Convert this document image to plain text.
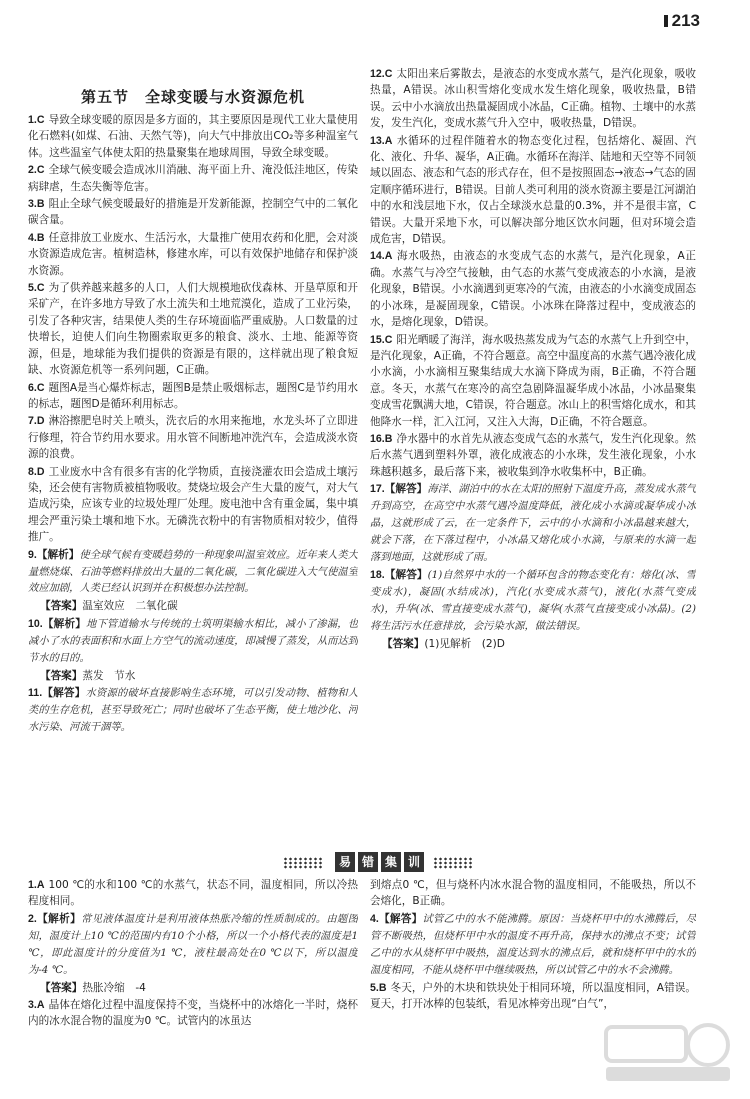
213
第五节　全球变暖与水资源危机
1.C 导致全球变暖的原因是多方面的，其主要原因是现代工业大量使用化石燃料(如煤、石油、天然气等)，向大气中排放出CO₂等多种温室气体。这些温室气体使太阳的热量聚集在地球周围，导致全球变暖。
2.C 全球气候变暖会造成冰川消融、海平面上升、淹没低洼地区，传染病肆虐，生态失衡等危害。
3.B 阻止全球气候变暖最好的措施是开发新能源，控制空气中的二氧化碳含量。
4.B 任意排放工业废水、生活污水，大量推广使用农药和化肥，会对淡水资源造成危害。植树造林，修建水库，可以有效保护地储存和保护淡水资源。
5.C 为了供养越来越多的人口，人们大规模地砍伐森林、开垦草原和开采矿产，在许多地方导致了水土流失和土地荒漠化，造成了工业污染，引发了各种灾害，结果使人类的生存环境面临严重威胁。人口数量的过快增长，迫使人们向生物圈索取更多的粮食、淡水、土地、能源等资源，但是，地球能为我们提供的资源是有限的，这样就出现了粮食短缺、水资源危机等一系列问题，C正确。
6.C 题图A是当心爆炸标志，题图B是禁止吸烟标志，题图C是节约用水的标志，题图D是循环利用标志。
7.D 淋浴擦肥皂时关上喷头，洗衣后的水用来拖地，水龙头坏了立即进行修理，符合节约用水要求。用水管不间断地冲洗汽车，会造成淡水资源的浪费。
8.D 工业废水中含有很多有害的化学物质，直接浇灌农田会造成土壤污染，还会使有害物质被植物吸收。焚烧垃圾会产生大量的废气，对大气造成污染，应该专业的垃圾处理厂处理。废电池中含有重金属，集中填埋会严重污染土壤和地下水。无磷洗衣粉中的有害物质相对较少，值得推广。
9.【解析】使全球气候有变暖趋势的一种现象叫温室效应。近年来人类大量燃烧煤、石油等燃料排放出大量的二氧化碳，二氧化碳进入大气使温室效应加剧，人类已经认识到并在积极想办法控制。
【答案】温室效应　二氧化碳
10.【解析】地下管道输水与传统的土筑明渠输水相比，减小了渗漏，也减小了水的表面积和水面上方空气的流动速度，即减慢了蒸发，从而达到节水的目的。
【答案】蒸发　节水
11.【解答】水资源的破坏直接影响生态环境，可以引发动物、植物和人类的生存危机，甚至导致死亡；同时也破坏了生态平衡，使土地沙化、河水污染、河流干涸等。
12.C 太阳出来后雾散去，是液态的水变成水蒸气，是汽化现象，吸收热量，A错误。冰山积雪熔化变成水发生熔化现象，吸收热量，B错误。云中小水滴放出热量凝固成小冰晶，C正确。植物、土壤中的水蒸发，发生汽化，变成水蒸气升入空中，吸收热量，D错误。
13.A 水循环的过程伴随着水的物态变化过程，包括熔化、凝固、汽化、液化、升华、凝华，A正确。水循环在海洋、陆地和天空等不同领域以固态、液态和气态的形式存在，但不是按照固态→液态→气态的固定顺序循环进行，B错误。目前人类可利用的淡水资源主要是江河湖泊中的水和浅层地下水，仅占全球淡水总量的0.3%，并不是很丰富，C错误。大量开采地下水，可以解决部分地区饮水问题，但对环境会造成危害，D错误。
14.A 海水吸热，由液态的水变成气态的水蒸气，是汽化现象，A正确。水蒸气与冷空气接触，由气态的水蒸气变成液态的小水滴，是液化现象，B错误。小水滴遇到更寒冷的气流，由液态的小水滴变成固态的小冰珠，是凝固现象，C错误。小冰珠在降落过程中，变成液态的水，是熔化现象，D错误。
15.C 阳光晒暖了海洋，海水吸热蒸发成为气态的水蒸气上升到空中，是汽化现象，A正确，不符合题意。高空中温度高的水蒸气遇冷液化成小水滴，小水滴相互聚集结成大水滴下降成为雨，B正确，不符合题意。冬天，水蒸气在寒冷的高空急剧降温凝华成小冰晶，小冰晶聚集变成雪花飘满大地，C错误，符合题意。冰山上的积雪熔化成水，和其他降水一样，汇入江河，又注入大海，D正确，不符合题意。
16.B 净水器中的水首先从液态变成气态的水蒸气，发生汽化现象。然后水蒸气遇到塑料外罩，液化成液态的小水珠，发生液化现象，小水珠越积越多，最后落下来，被收集到净水收集杯中，B正确。
17.【解答】海洋、湖泊中的水在太阳的照射下温度升高，蒸发成水蒸气升到高空，在高空中水蒸气遇冷温度降低，液化成小水滴或凝华成小冰晶，这就形成了云，在一定条件下，云中的小水滴和小冰晶越来越大，就会下落，在下落过程中，小冰晶又熔化成小水滴，与原来的水滴一起落到地面，这就形成了雨。
18.【解答】(1)自然界中水的一个循环包含的物态变化有：熔化(冰、雪变成水)，凝固(水结成冰)，汽化(水变成水蒸气)，液化(水蒸气变成水)，升华(冰、雪直接变成水蒸气)，凝华(水蒸气直接变成小冰晶)。(2)将生活污水任意排放，会污染水源，做法错误。
【答案】(1)见解析　(2)D
易 错 集 训
1.A 100 ℃的水和100 ℃的水蒸气，状态不同，温度相同，所以冷热程度相同。
2.【解析】常见液体温度计是利用液体热胀冷缩的性质制成的。由题图知，温度计上10 ℃的范围内有10个小格，所以一个小格代表的温度是1 ℃，即此温度计的分度值为1 ℃，液柱最高处在0 ℃以下，所以温度为-4 ℃。
【答案】热胀冷缩　-4
3.A 晶体在熔化过程中温度保持不变，当烧杯中的冰熔化一半时，烧杯内的冰水混合物的温度为0 ℃。试管内的冰虽达
到熔点0 ℃，但与烧杯内冰水混合物的温度相同，不能吸热，所以不会熔化，B正确。
4.【解答】试管乙中的水不能沸腾。原因：当烧杯甲中的水沸腾后，尽管不断吸热，但烧杯甲中水的温度不再升高，保持水的沸点不变；试管乙中的水从烧杯甲中吸热，温度达到水的沸点后，就和烧杯甲中的水的温度相同，不能从烧杯甲中继续吸热，所以试管乙中的水不会沸腾。
5.B 冬天，户外的木块和铁块处于相同环境，所以温度相同，A错误。夏天，打开冰棒的包装纸，看见冰棒旁出现“白气”，
